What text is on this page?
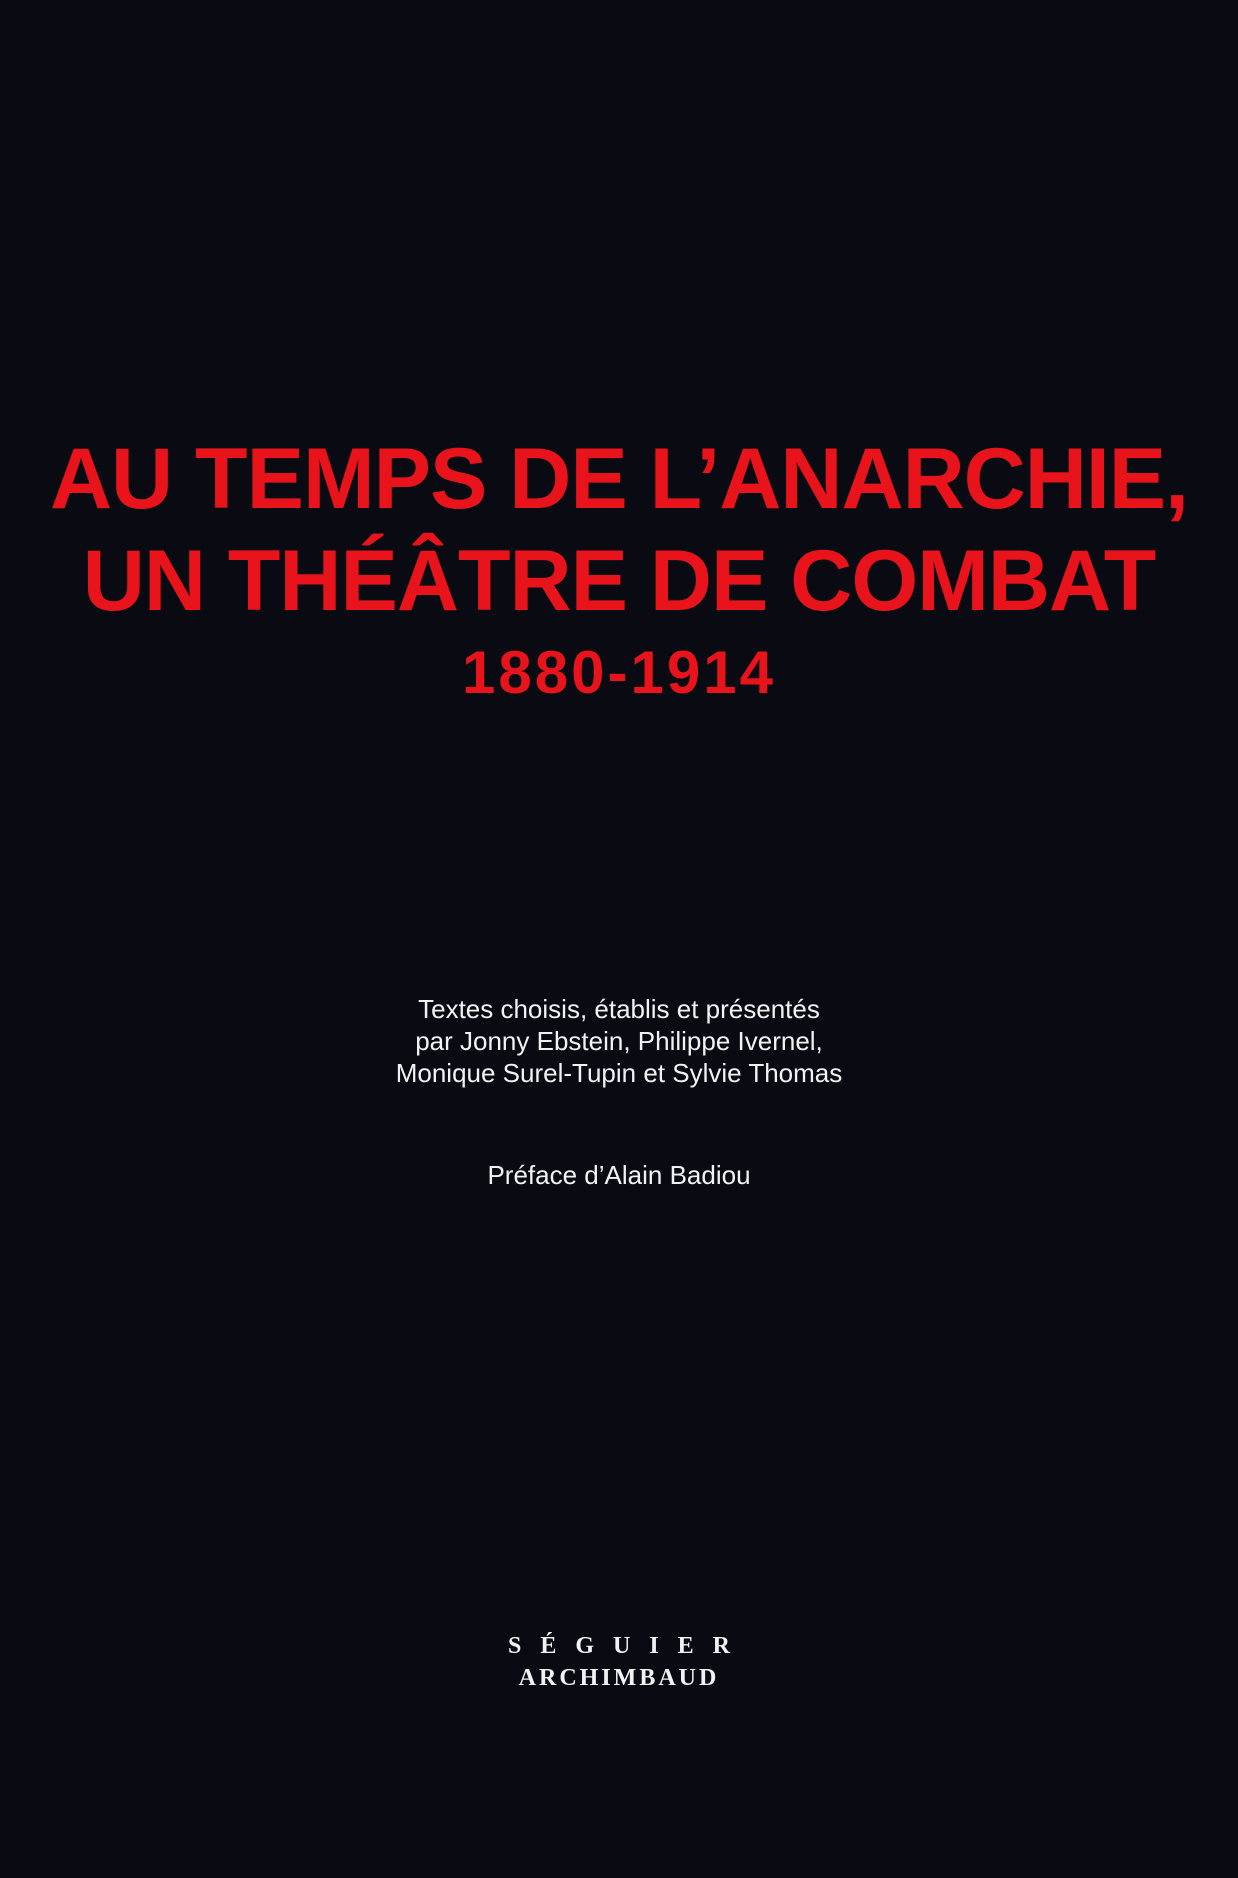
AU TEMPS DE L’ANARCHIE,
UN THÉÂTRE DE COMBAT
1880-1914
Textes choisis, établis et présentés
par Jonny Ebstein, Philippe Ivernel,
Monique Surel-Tupin et Sylvie Thomas
Préface d’Alain Badiou
SÉGUIER
ARCHIMBAUD
